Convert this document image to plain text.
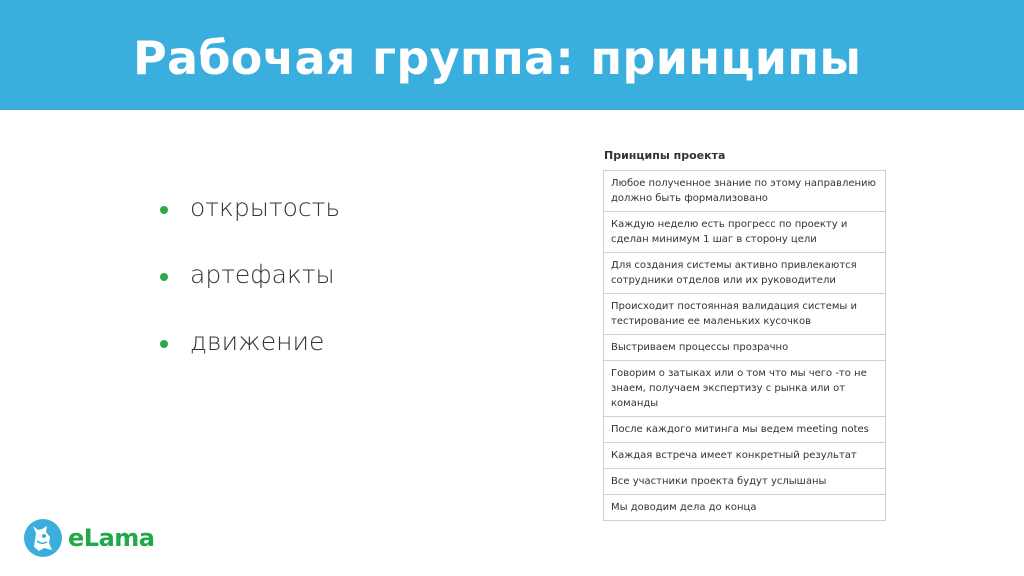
Рабочая группа: принципы
открытость
артефакты
движение
Принципы проекта
Любое полученное знание по этому направлению должно быть формализовано
Каждую неделю есть прогресс по проекту и сделан минимум 1 шаг в сторону цели
Для создания системы активно привлекаются сотрудники отделов или их руководители
Происходит постоянная валидация системы и тестирование ее маленьких кусочков
Выстриваем процессы прозрачно
Говорим о затыках или о том что мы чего -то не знаем, получаем экспертизу с рынка или от команды
После каждого митинга мы ведем meeting notes
Каждая встреча имеет конкретный результат
Все участники проекта будут услышаны
Мы доводим дела до конца
eLama
